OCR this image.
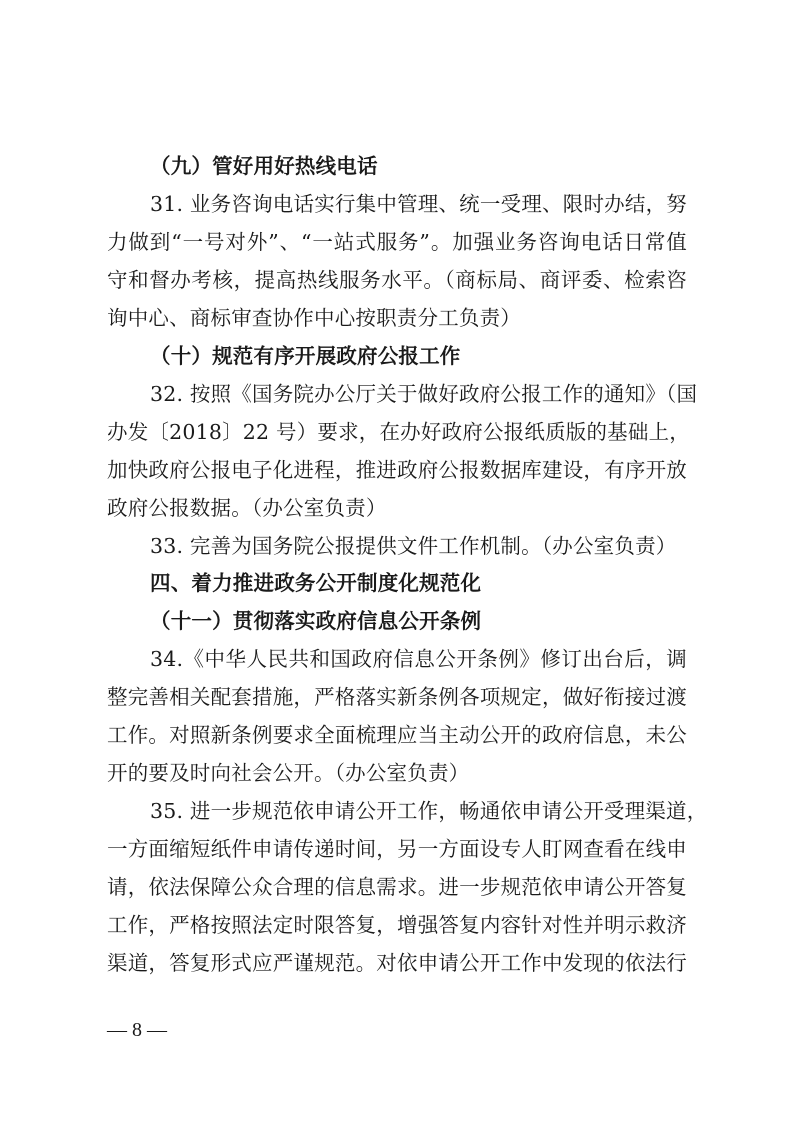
（九）管好用好热线电话
31. 业务咨询电话实行集中管理、统一受理、限时办结，努
力做到“一号对外”、“一站式服务”。加强业务咨询电话日常值
守和督办考核，提高热线服务水平。（商标局、商评委、检索咨
询中心、商标审查协作中心按职责分工负责）
（十）规范有序开展政府公报工作
32. 按照《国务院办公厅关于做好政府公报工作的通知》（国
办发〔2018〕22 号）要求，在办好政府公报纸质版的基础上，
加快政府公报电子化进程，推进政府公报数据库建设，有序开放
政府公报数据。（办公室负责）
33. 完善为国务院公报提供文件工作机制。（办公室负责）
四、着力推进政务公开制度化规范化
（十一）贯彻落实政府信息公开条例
34.《中华人民共和国政府信息公开条例》修订出台后，调
整完善相关配套措施，严格落实新条例各项规定，做好衔接过渡
工作。对照新条例要求全面梳理应当主动公开的政府信息，未公
开的要及时向社会公开。（办公室负责）
35. 进一步规范依申请公开工作，畅通依申请公开受理渠道，
一方面缩短纸件申请传递时间，另一方面设专人盯网查看在线申
请，依法保障公众合理的信息需求。进一步规范依申请公开答复
工作，严格按照法定时限答复，增强答复内容针对性并明示救济
渠道，答复形式应严谨规范。对依申请公开工作中发现的依法行
— 8 —
